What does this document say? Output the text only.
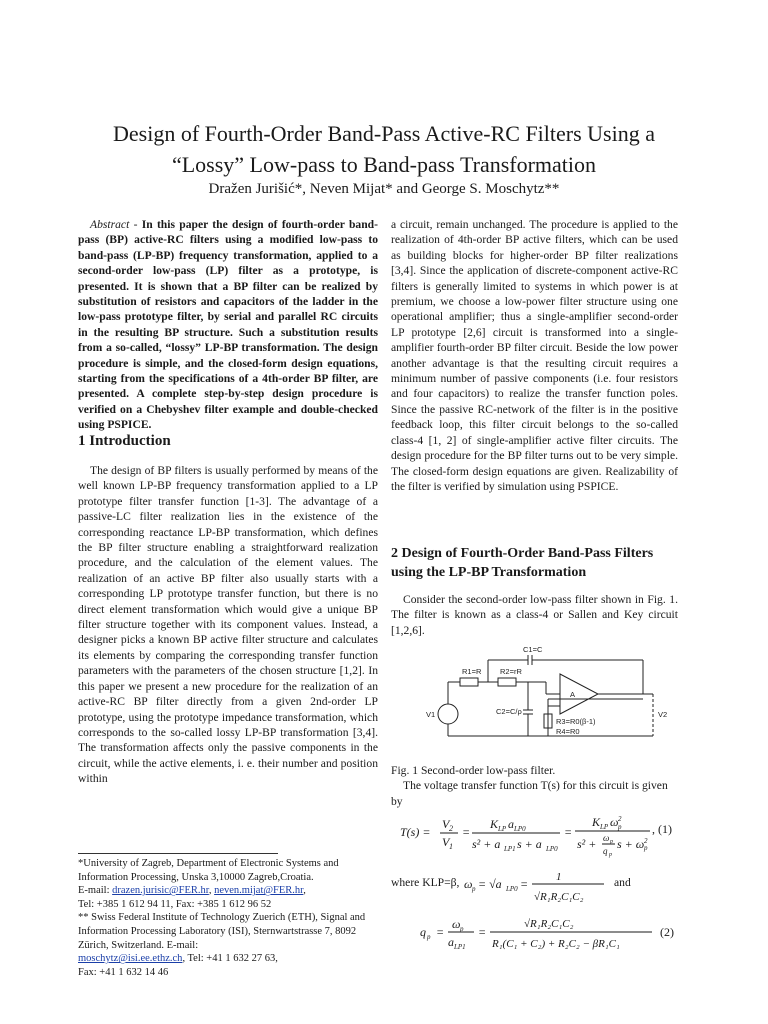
Design of Fourth-Order Band-Pass Active-RC Filters Using a
“Lossy” Low-pass to Band-pass Transformation
Dražen Jurišić*, Neven Mijat* and George S. Moschytz**

Abstract - In this paper the design of fourth-order band-pass (BP) active-RC filters using a modified low-pass to band-pass (LP-BP) frequency transformation, applied to a second-order low-pass (LP) filter as a prototype, is presented. It is shown that a BP filter can be realized by substitution of resistors and capacitors of the ladder in the low-pass prototype filter, by serial and parallel RC circuits in the resulting BP structure. Such a substitution results from a so-called, “lossy” LP-BP transformation. The design procedure is simple, and the closed-form design equations, starting from the specifications of a 4th-order BP filter, are presented. A complete step-by-step design procedure is verified on a Chebyshev filter example and double-checked using PSPICE.

1 Introduction

The design of BP filters is usually performed by means of the well known LP-BP frequency transformation applied to a LP prototype filter transfer function [1-3]. The advantage of a passive-LC filter realization lies in the existence of the corresponding reactance LP-BP transformation, which defines the BP filter structure enabling a straightforward realization procedure, and the calculation of the element values. The realization of an active BP filter also usually starts with a corresponding LP prototype transfer function, but there is no direct element transformation which would give a unique BP filter structure together with its component values. Instead, a designer picks a known BP active filter structure and calculates its elements by comparing the corresponding transfer function parameters with the parameters of the chosen structure [1,2]. In this paper we present a new procedure for the realization of an active-RC BP filter directly from a given 2nd-order LP prototype, using the prototype impedance transformation, which corresponds to the so-called lossy LP-BP transformation [3,4]. The transformation affects only the passive components in the circuit, while the active elements, i. e. their number and position within

a circuit, remain unchanged. The procedure is applied to the realization of 4th-order BP active filters, which can be used as building blocks for higher-order BP filter realizations [3,4]. Since the application of discrete-component active-RC filters is generally limited to systems in which power is at premium, we choose a low-power filter structure using one operational amplifier; thus a single-amplifier second-order LP prototype [2,6] circuit is transformed into a single-amplifier fourth-order BP filter circuit. Beside the low power another advantage is that the resulting circuit requires a minimum number of passive components (i.e. four resistors and four capacitors) to realize the transfer function poles. Since the passive RC-network of the filter is in the positive feedback loop, this filter circuit belongs to the so-called class-4 [1, 2] of single-amplifier active filter circuits. The design procedure for the BP filter turns out to be very simple. The closed-form design equations are given. Realizability of the filter is verified by simulation using PSPICE.

2 Design of Fourth-Order Band-Pass Filters using the LP-BP Transformation

Consider the second-order low-pass filter shown in Fig. 1. The filter is known as a class-4 or Sallen and Key circuit [1,2,6].

C1=C
R1=R R2=rR
C2=C/ρ
R3=R0(β-1)
R4=R0
V1	V2
A
Fig. 1 Second-order low-pass filter.
The voltage transfer function T(s) for this circuit is given by
T(s) =
V 2
V 1
=
K LP a LP0
s² + a LP1 s + a LP0
=
K LP ω p
2
s² + ω p
q p
s + ω p
2
, (1)
where KLP=β, ω p = √a LP0 =	1
√R₁R₂C₁C₂
and
q p =
ω p
a LP1
=
√R₁R₂C₁C₂
R₁(C₁ + C₂) + R₂C₂ − βR₁C₁
(2)
*University of Zagreb, Department of Electronic Systems and Information Processing, Unska 3,10000 Zagreb,Croatia.
E-mail: drazen.jurisic@FER.hr, neven.mijat@FER.hr,
Tel: +385 1 612 94 11, Fax: +385 1 612 96 52
** Swiss Federal Institute of Technology Zuerich (ETH), Signal and Information Processing Laboratory (ISI), Sternwartstrasse 7, 8092 Zürich, Switzerland. E-mail:
moschytz@isi.ee.ethz.ch, Tel: +41 1 632 27 63,
Fax: +41 1 632 14 46
